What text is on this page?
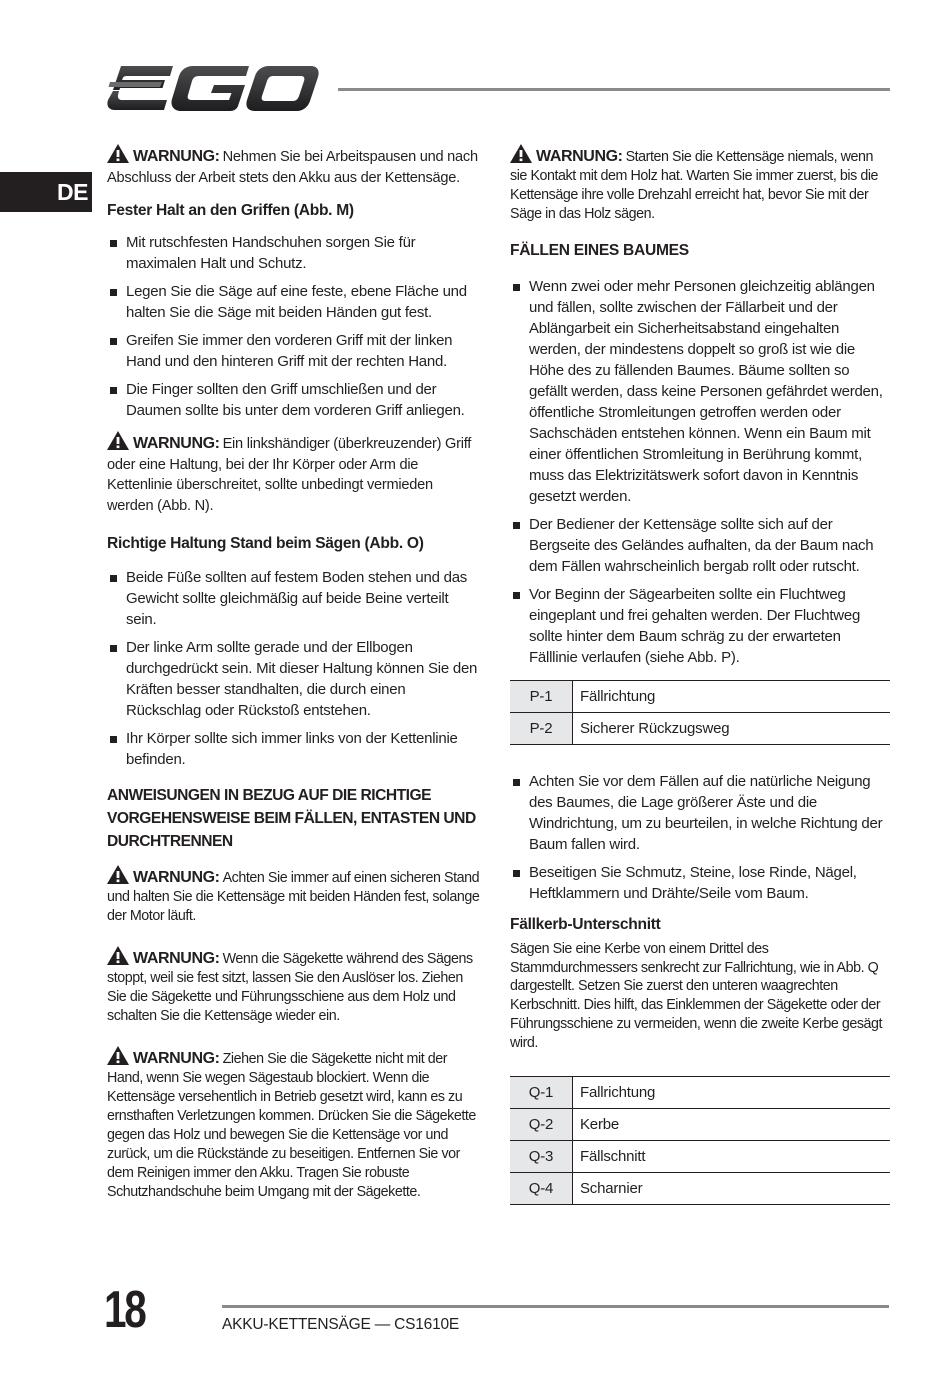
DE

WARNUNG: Nehmen Sie bei Arbeitspausen und nach Abschluss der Arbeit stets den Akku aus der Kettensäge.

Fester Halt an den Griffen (Abb. M)
Mit rutschfesten Handschuhen sorgen Sie für maximalen Halt und Schutz.
Legen Sie die Säge auf eine feste, ebene Fläche und halten Sie die Säge mit beiden Händen gut fest.
Greifen Sie immer den vorderen Griff mit der linken Hand und den hinteren Griff mit der rechten Hand.
Die Finger sollten den Griff umschließen und der Daumen sollte bis unter dem vorderen Griff anliegen.

WARNUNG: Ein linkshändiger (überkreuzender) Griff oder eine Haltung, bei der Ihr Körper oder Arm die Kettenlinie überschreitet, sollte unbedingt vermieden werden (Abb. N).

Richtige Haltung Stand beim Sägen (Abb. O)
Beide Füße sollten auf festem Boden stehen und das Gewicht sollte gleichmäßig auf beide Beine verteilt sein.
Der linke Arm sollte gerade und der Ellbogen durchgedrückt sein. Mit dieser Haltung können Sie den Kräften besser standhalten, die durch einen Rückschlag oder Rückstoß entstehen.
Ihr Körper sollte sich immer links von der Kettenlinie befinden.
ANWEISUNGEN IN BEZUG AUF DIE RICHTIGE VORGEHENSWEISE BEIM FÄLLEN, ENTASTEN UND DURCHTRENNEN

WARNUNG: Achten Sie immer auf einen sicheren Stand und halten Sie die Kettensäge mit beiden Händen fest, solange der Motor läuft.

WARNUNG: Wenn die Sägekette während des Sägens stoppt, weil sie fest sitzt, lassen Sie den Auslöser los. Ziehen Sie die Sägekette und Führungsschiene aus dem Holz und schalten Sie die Kettensäge wieder ein.

WARNUNG: Ziehen Sie die Sägekette nicht mit der Hand, wenn Sie wegen Sägestaub blockiert. Wenn die Kettensäge versehentlich in Betrieb gesetzt wird, kann es zu ernsthaften Verletzungen kommen. Drücken Sie die Sägekette gegen das Holz und bewegen Sie die Kettensäge vor und zurück, um die Rückstände zu beseitigen. Entfernen Sie vor dem Reinigen immer den Akku. Tragen Sie robuste Schutzhandschuhe beim Umgang mit der Sägekette.

WARNUNG: Starten Sie die Kettensäge niemals, wenn sie Kontakt mit dem Holz hat. Warten Sie immer zuerst, bis die Kettensäge ihre volle Drehzahl erreicht hat, bevor Sie mit der Säge in das Holz sägen.

FÄLLEN EINES BAUMES
Wenn zwei oder mehr Personen gleichzeitig ablängen und fällen, sollte zwischen der Fällarbeit und der Ablängarbeit ein Sicherheitsabstand eingehalten werden, der mindestens doppelt so groß ist wie die Höhe des zu fällenden Baumes. Bäume sollten so gefällt werden, dass keine Personen gefährdet werden, öffentliche Stromleitungen getroffen werden oder Sachschäden entstehen können. Wenn ein Baum mit einer öffentlichen Stromleitung in Berührung kommt, muss das Elektrizitätswerk sofort davon in Kenntnis gesetzt werden.
Der Bediener der Kettensäge sollte sich auf der Bergseite des Geländes aufhalten, da der Baum nach dem Fällen wahrscheinlich bergab rollt oder rutscht.
Vor Beginn der Sägearbeiten sollte ein Fluchtweg eingeplant und frei gehalten werden. Der Fluchtweg sollte hinter dem Baum schräg zu der erwarteten Fälllinie verlaufen (siehe Abb. P).
P-1	Fällrichtung
P-2	Sicherer Rückzugsweg
Achten Sie vor dem Fällen auf die natürliche Neigung des Baumes, die Lage größerer Äste und die Windrichtung, um zu beurteilen, in welche Richtung der Baum fallen wird.
Beseitigen Sie Schmutz, Steine, lose Rinde, Nägel, Heftklammern und Drähte/Seile vom Baum.
Fällkerb-Unterschnitt

Sägen Sie eine Kerbe von einem Drittel des Stammdurchmessers senkrecht zur Fallrichtung, wie in Abb. Q dargestellt. Setzen Sie zuerst den unteren waagrechten Kerbschnitt. Dies hilft, das Einklemmen der Sägekette oder der Führungsschiene zu vermeiden, wenn die zweite Kerbe gesägt wird.

Q-1	Fallrichtung
Q-2	Kerbe
Q-3	Fällschnitt
Q-4	Scharnier
18	AKKU-KETTENSÄGE — CS1610E
